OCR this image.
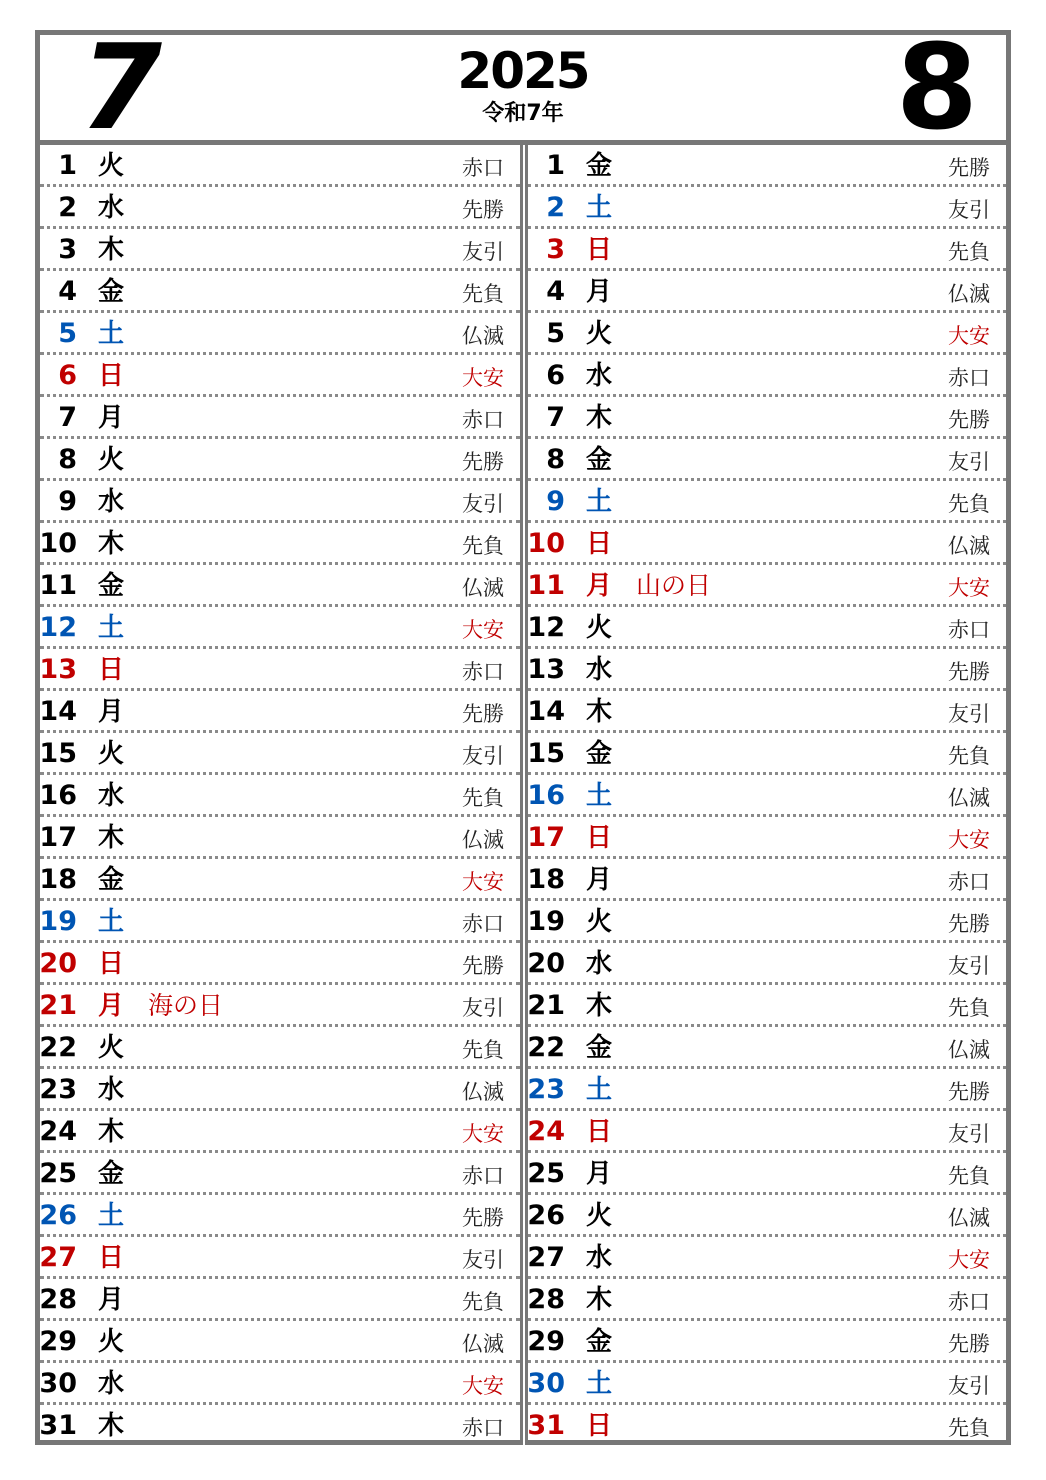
7	2025
令和7年	8
1 火	赤口
2 水	先勝
3 木	友引
4 金	先負
5 土	仏滅
6 日	大安
7 月	赤口
8 火	先勝
9 水	友引
10 木	先負
11 金	仏滅
12 土	大安
13 日	赤口
14 月	先勝
15 火	友引
16 水	先負
17 木	仏滅
18 金	大安
19 土	赤口
20 日	先勝
21 月 海の日	友引
22 火	先負
23 水	仏滅
24 木	大安
25 金	赤口
26 土	先勝
27 日	友引
28 月	先負
29 火	仏滅
30 水	大安
31 木	赤口
1 金	先勝
2 土	友引
3 日	先負
4 月	仏滅
5 火	大安
6 水	赤口
7 木	先勝
8 金	友引
9 土	先負
10 日	仏滅
11 月 山の日	大安
12 火	赤口
13 水	先勝
14 木	友引
15 金	先負
16 土	仏滅
17 日	大安
18 月	赤口
19 火	先勝
20 水	友引
21 木	先負
22 金	仏滅
23 土	先勝
24 日	友引
25 月	先負
26 火	仏滅
27 水	大安
28 木	赤口
29 金	先勝
30 土	友引
31 日	先負
